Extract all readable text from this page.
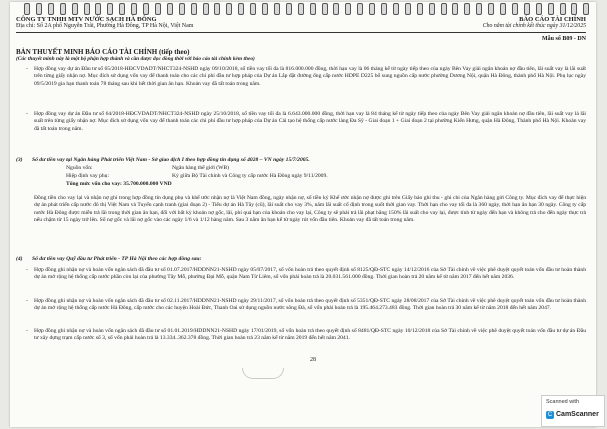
CÔNG TY TNHH MTV NƯỚC SẠCH HÀ ĐÔNG
Địa chỉ: Số 2A phố Nguyễn Trãi, Phường Hà Đông, TP Hà Nội, Việt Nam
BÁO CÁO TÀI CHÍNH
Cho năm tài chính kết thúc ngày 31/12/2025
Mẫu số B09 - DN
BẢN THUYẾT MINH BÁO CÁO TÀI CHÍNH (tiếp theo)
(Các thuyết minh này là một bộ phận hợp thành và cần được đọc đồng thời với báo cáo tài chính kèm theo)

- Hợp đồng vay dự án Đầu tư số 65/2018-HĐCVDADT/NHCT324-NSHD ngày 09/10/2018, số tiền vay tối đa là 816.000.000 đồng, thời hạn vay là 06 tháng kể từ ngày tiếp theo của ngày Bên Vay giải ngân khoản nợ đầu tiên, lãi suất vay là lãi suất trên từng giấy nhận nợ. Mục đích sử dụng vốn vay để thanh toán cho các chi phí đầu tư hợp pháp của Dự án Lắp đặt đường ống cấp nước HDPE D225 bổ sung nguồn cấp nước phường Dương Nội, quận Hà Đông, thành phố Hà Nội. Phụ lục ngày 09/5/2019 gia hạn thanh toán 78 tháng sau khi hết thời gian ân hạn. Khoản vay đã tất toán trong năm.

- Hợp đồng vay dự án Đầu tư số 64/2018-HĐCVDADT/NHCT324-NSHD ngày 25/10/2018, số tiền vay tối đa là 6.643.000.000 đồng, thời hạn vay là 84 tháng kể từ ngày tiếp theo của ngày Bên Vay giải ngân khoản nợ đầu tiên, lãi suất vay là lãi suất trên từng giấy nhận nợ. Mục đích sử dụng vốn vay để thanh toán các chi phí đầu tư hợp pháp của Dự án Cải tạo hệ thống cấp nước làng Đa Sỹ - Giai đoạn 1 + Giai đoạn 2 tại phường Kiến Hưng, quận Hà Đông, Thành phố Hà Nội. Khoản vay đã tất toán trong năm.

(3) Số dư tiền vay tại Ngân hàng Phát triển Việt Nam - Sở giao dịch I theo hợp đồng tín dụng số 4028 – VN ngày 15/7/2005.

Nguồn vốn:	Ngân hàng thế giới (WB)

Hiệp định vay phụ:	Ký giữa Bộ Tài chính và Công ty cấp nước Hà Đông ngày 9/11/2009.

Tổng mức vốn cho vay: 35.700.000.000 VND

Đồng tiền cho vay lại và nhận nợ ghi trong hợp đồng tín dụng phụ và khế ước nhận nợ là Việt Nam đồng, ngày nhận nợ, số tiền ký Khế ước nhận nợ được ghi trên Giấy báo ghi thu - ghi chi của Ngân hàng gửi Công ty. Mục đích vay để thực hiện dự án phát triển cấp nước đô thị Việt Nam và Tuyến cạnh tranh (giai đoạn 2) - Tiểu dự án Hà Tây (cũ), lãi suất cho vay 3%, năm lãi suất cố định trong suốt thời gian vay. Thời hạn cho vay tối đa là 360 ngày, thời hạn ân hạn 30 ngày. Công ty cấp nước Hà Đông được miễn trả lãi trong thời gian ân hạn, đối với bất kỳ khoản nợ gốc, lãi, phí quá hạn của khoản cho vay lại, Công ty sẽ phải trả lãi phạt bằng 150% lãi suất cho vay lại, được tính từ ngày đến hạn và không trả cho đến ngày thực trả nếu chậm từ 15 ngày trở lên. Số nợ gốc và lãi nợ gốc vào các ngày 1/6 và 1/12 hàng năm. Sau 3 năm ân hạn kể từ ngày rút vốn đầu tiên. Khoản vay đã tất toán trong năm.

(4) Số dư tiền vay Quỹ đầu tư Phát triển - TP Hà Nội theo các hợp đồng sau:

- Hợp đồng ghi nhận nợ và hoàn vốn ngân sách đã đầu tư số 01.07.2017/HDDNN21-NSHD ngày 05/07/2017, số vốn hoàn trả theo quyết định số 8125/QĐ-STC ngày 14/12/2016 của Sở Tài chính về việc phê duyệt quyết toán vốn đầu tư hoàn thành dự án mở rộng hệ thống cấp nước phần còn lại của phường Tây Mỗ, phường Đại Mỗ, quận Nam Từ Liêm, số vốn phải hoàn trả là 20.031.561.000 đồng. Thời gian hoàn trả 20 năm kể từ năm 2017 đến hết năm 2036.

- Hợp đồng ghi nhận nợ và hoàn vốn ngân sách đã đầu tư số 02.11.2017/HDDNN21-NSHD ngày 29/11/2017, số vốn hoàn trả theo quyết định số 5351/QĐ-STC ngày 28/08/2017 của Sở Tài chính về việc phê duyệt quyết toán vốn đầu tư hoàn thành dự án mở rộng hệ thống cấp nước Hà Đông, cấp nước cho các huyện Hoài Đức, Thanh Oai sử dụng nguồn nước sông Đà, số vốn phải hoàn trả là 195.464.273.483 đồng. Thời gian hoàn trả 30 năm kể từ năm 2018 đến hết năm 2047.

- Hợp đồng ghi nhận nợ và hoàn vốn ngân sách đã đầu tư số 01.01.2019/HDDNN21-NSHD ngày 17/01/2019, số vốn hoàn trả theo quyết định số 8481/QĐ-STC ngày 10/12/2018 của Sở Tài chính về việc phê duyệt quyết toán vốn đầu tư dự án Đầu tư xây dựng trạm cấp nước số 3, số vốn phải hoàn trả là 13.334..362.378 đồng. Thời gian hoàn trả 23 năm kể từ năm 2019 đến hết năm 2041.

28
Scanned with
C CamScanner
